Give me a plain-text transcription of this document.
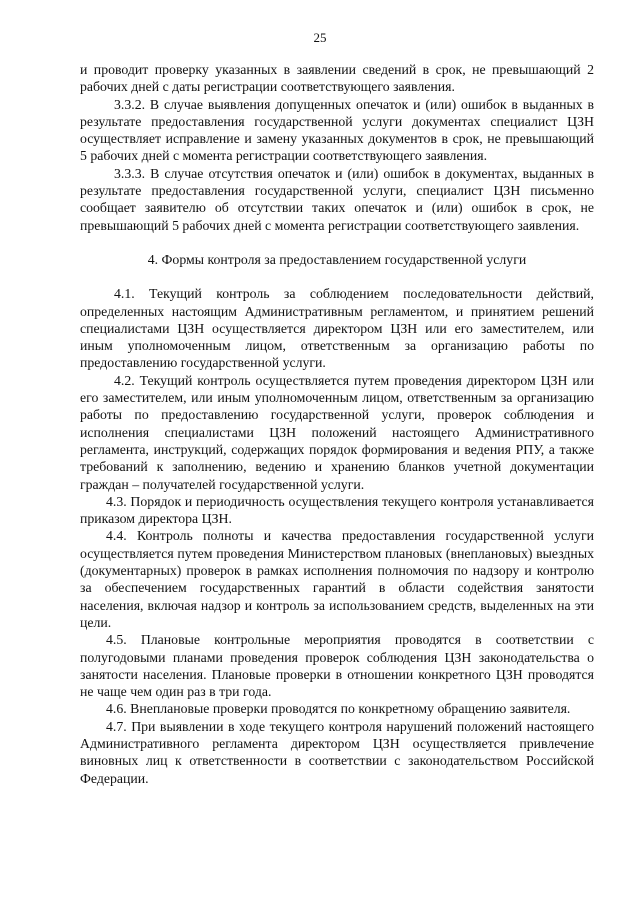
25

и проводит проверку указанных в заявлении сведений в срок, не превышающий 2 рабочих дней с даты регистрации соответствующего заявления.

3.3.2. В случае выявления допущенных опечаток и (или) ошибок в выданных в результате предоставления государственной услуги документах специалист ЦЗН осуществляет исправление и замену указанных документов в срок, не превышающий 5 рабочих дней с момента регистрации соответствующего заявления.

3.3.3. В случае отсутствия опечаток и (или) ошибок в документах, выданных в результате предоставления государственной услуги, специалист ЦЗН письменно сообщает заявителю об отсутствии таких опечаток и (или) ошибок в срок, не превышающий 5 рабочих дней с момента регистрации соответствующего заявления.

4. Формы контроля за предоставлением государственной услуги

4.1. Текущий контроль за соблюдением последовательности действий, определенных настоящим Административным регламентом, и принятием решений специалистами ЦЗН осуществляется директором ЦЗН или его заместителем, или иным уполномоченным лицом, ответственным за организацию работы по предоставлению государственной услуги.

4.2. Текущий контроль осуществляется путем проведения директором ЦЗН или его заместителем, или иным уполномоченным лицом, ответственным за организацию работы по предоставлению государственной услуги, проверок соблюдения и исполнения специалистами ЦЗН положений настоящего Административного регламента, инструкций, содержащих порядок формирования и ведения РПУ, а также требований к заполнению, ведению и хранению бланков учетной документации граждан – получателей государственной услуги.

4.3. Порядок и периодичность осуществления текущего контроля устанавливается приказом директора ЦЗН.

4.4. Контроль полноты и качества предоставления государственной услуги осуществляется путем проведения Министерством плановых (внеплановых) выездных (документарных) проверок в рамках исполнения полномочия по надзору и контролю за обеспечением государственных гарантий в области содействия занятости населения, включая надзор и контроль за использованием средств, выделенных на эти цели.

4.5. Плановые контрольные мероприятия проводятся в соответствии с полугодовыми планами проведения проверок соблюдения ЦЗН законодательства о занятости населения. Плановые проверки в отношении конкретного ЦЗН проводятся не чаще чем один раз в три года.

4.6. Внеплановые проверки проводятся по конкретному обращению заявителя.

4.7. При выявлении в ходе текущего контроля нарушений положений настоящего Административного регламента директором ЦЗН осуществляется привлечение виновных лиц к ответственности в соответствии с законодательством Российской Федерации.
